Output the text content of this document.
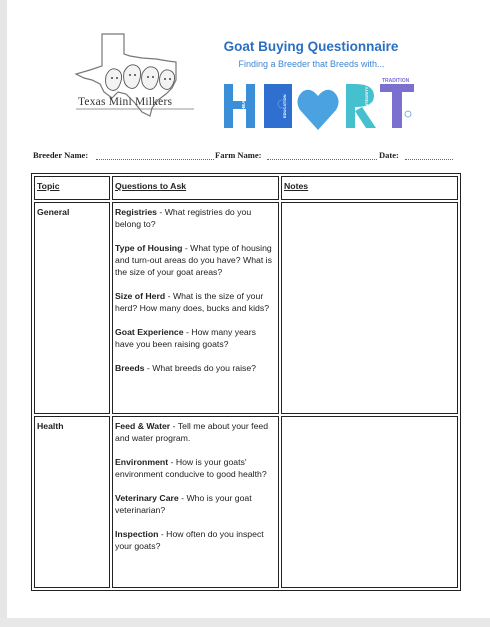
Texas Mini Milkers
Goat Buying Questionnaire
Finding a Breeder that Breeds with...
HEALTH	EDUCATION	INTEGRITY
TRADITION
Breeder Name:	Farm Name:	Date:
Topic	Questions to Ask	Notes
General	Registries - What registries do you belong to?

Type of Housing - What type of housing and turn-out areas do you have? What is the size of your goat areas?

Size of Herd - What is the size of your herd? How many does, bucks and kids?

Goat Experience - How many years have you been raising goats?

Breeds - What breeds do you raise?

Health	Feed & Water - Tell me about your feed and water program.

Environment - How is your goats' environment conducive to good health?

Veterinary Care - Who is your goat veterinarian?

Inspection - How often do you inspect your goats?
